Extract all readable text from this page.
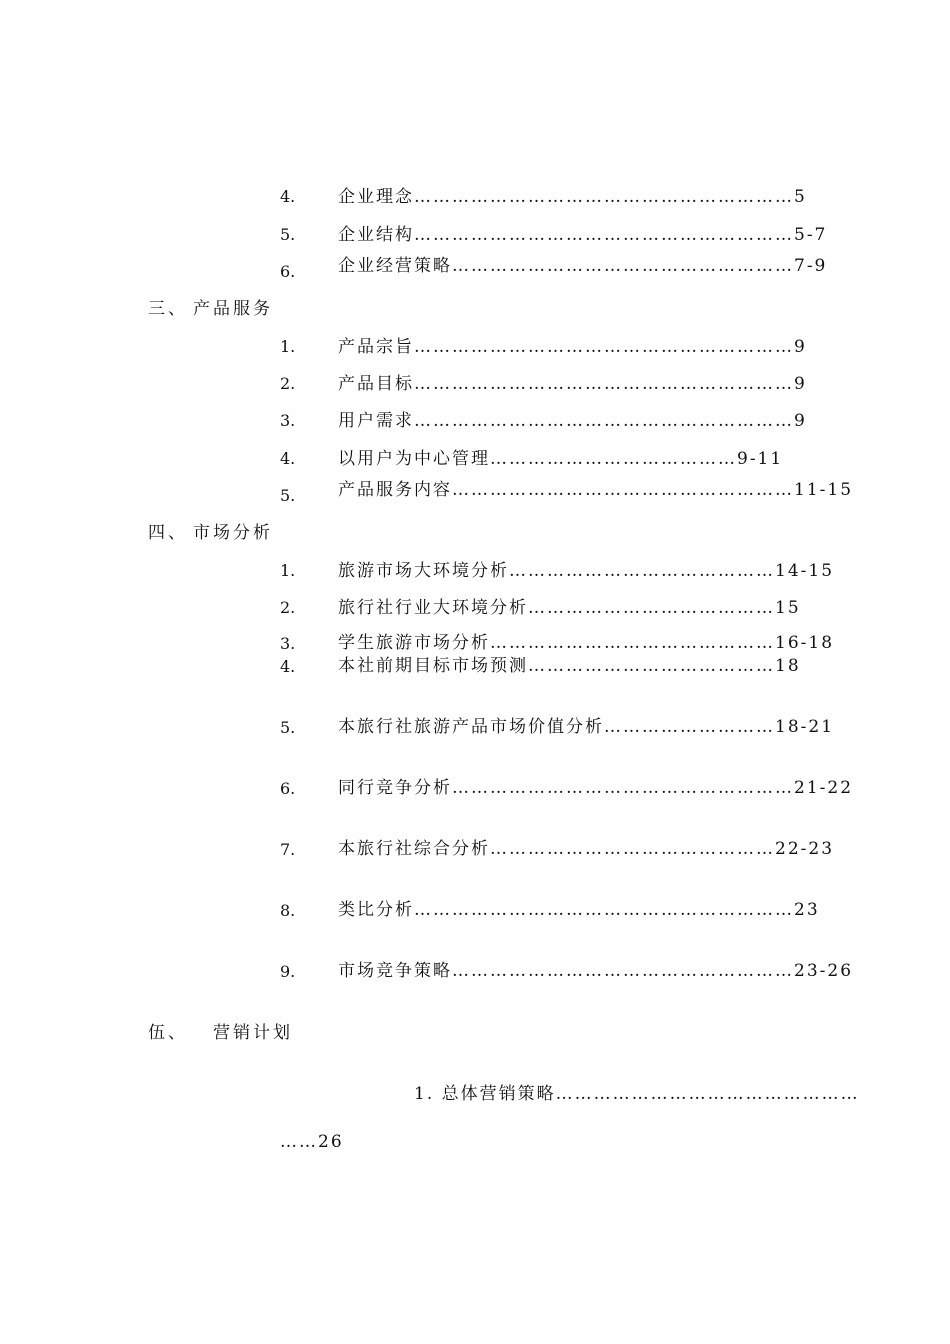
4.	企业理念……………………………………………………5
5.	企业结构……………………………………………………5-7
6.	企业经营策略………………………………………………7-9
三、 产品服务
1.	产品宗旨……………………………………………………9
2.	产品目标……………………………………………………9
3.	用户需求……………………………………………………9
4.	以用户为中心管理…………………………………9-11
5.	产品服务内容………………………………………………11-15
四、 市场分析
1.	旅游市场大环境分析……………………………………14-15
2.	旅行社行业大环境分析…………………………………15
3.	学生旅游市场分析………………………………………16-18
4.	本社前期目标市场预测…………………………………18
5.	本旅行社旅游产品市场价值分析………………………18-21
6.	同行竞争分析………………………………………………21-22
7.	本旅行社综合分析………………………………………22-23
8.	类比分析……………………………………………………23
9.	市场竞争策略………………………………………………23-26
伍、 营销计划
1. 总体营销策略…………………………………………
……26
